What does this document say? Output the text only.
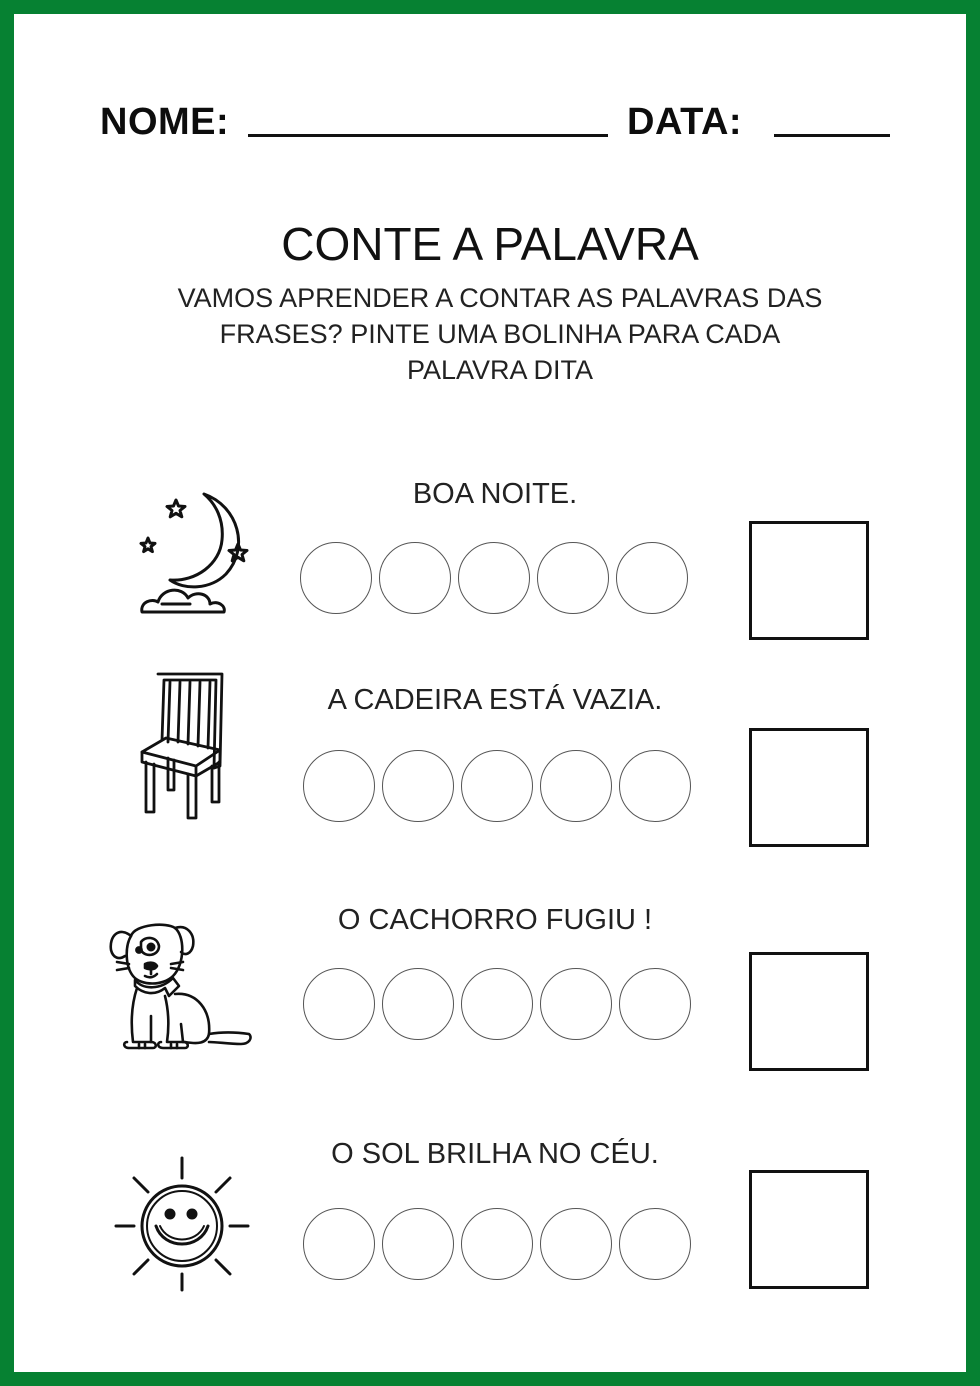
NOME:	DATA:
CONTE A PALAVRA
VAMOS APRENDER A CONTAR AS PALAVRAS DAS
FRASES? PINTE UMA BOLINHA PARA CADA
PALAVRA DITA
BOA NOITE.
A CADEIRA ESTÁ VAZIA.
O CACHORRO FUGIU !
O SOL BRILHA NO CÉU.
